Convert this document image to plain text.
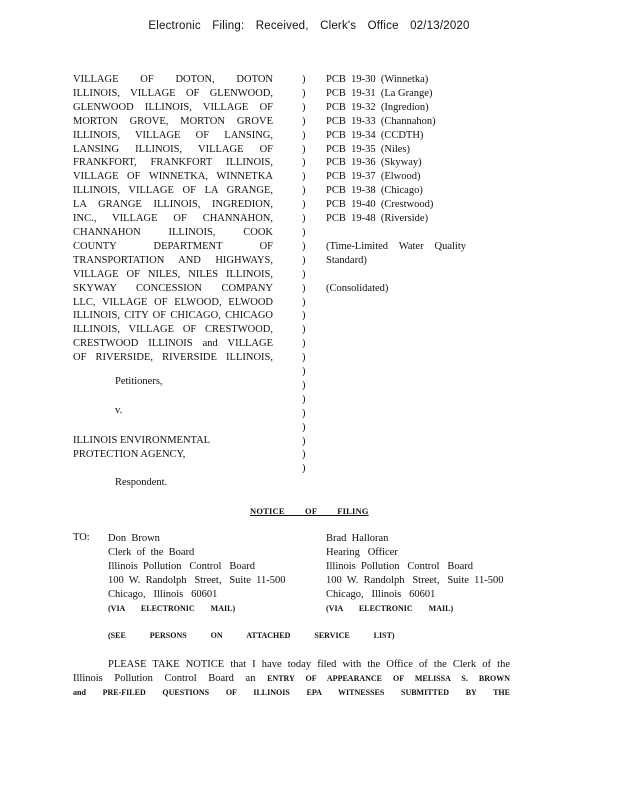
Electronic Filing: Received, Clerk's Office 02/13/2020
VILLAGE OF DOTON, DOTON
ILLINOIS, VILLAGE OF GLENWOOD,
GLENWOOD ILLINOIS, VILLAGE OF
MORTON GROVE, MORTON GROVE
ILLINOIS, VILLAGE OF LANSING,
LANSING ILLINOIS, VILLAGE OF
FRANKFORT, FRANKFORT ILLINOIS,
VILLAGE OF WINNETKA, WINNETKA
ILLINOIS, VILLAGE OF LA GRANGE,
LA GRANGE ILLINOIS, INGREDION,
INC., VILLAGE OF CHANNAHON,
CHANNAHON ILLINOIS, COOK
COUNTY DEPARTMENT OF
TRANSPORTATION AND HIGHWAYS,
VILLAGE OF NILES, NILES ILLINOIS,
SKYWAY CONCESSION COMPANY
LLC, VILLAGE OF ELWOOD, ELWOOD
ILLINOIS, CITY OF CHICAGO, CHICAGO
ILLINOIS, VILLAGE OF CRESTWOOD,
CRESTWOOD ILLINOIS and VILLAGE
OF RIVERSIDE, RIVERSIDE ILLINOIS,
)
)
)
)
)
)
)
)
)
)
)
)
)
)
)
)
)
)
)
)
)
)
)
)
)
)
)
)
)
PCB  19-30  (Winnetka)
PCB  19-31  (La Grange)
PCB  19-32  (Ingredion)
PCB  19-33  (Channahon)
PCB  19-34  (CCDTH)
PCB  19-35  (Niles)
PCB  19-36  (Skyway)
PCB  19-37  (Elwood)
PCB  19-38  (Chicago)
PCB  19-40  (Crestwood)
PCB  19-48  (Riverside)
(Time-Limited Water Quality
Standard)
(Consolidated)
Petitioners,
v.
ILLINOIS ENVIRONMENTAL
PROTECTION AGENCY,
Respondent.
NOTICE OF FILING
TO: Don  Brown
Clerk  of  the  Board
Illinois  Pollution   Control   Board
100  W.  Randolph   Street,   Suite  11-500
Chicago,   Illinois   60601
(VIA ELECTRONIC MAIL)
Brad  Halloran
Hearing   Officer
Illinois  Pollution   Control   Board
100  W.  Randolph   Street,   Suite  11-500
Chicago,   Illinois   60601
(VIA ELECTRONIC MAIL)
(SEE PERSONS ON ATTACHED SERVICE LIST)
PLEASE TAKE NOTICE that I have today filed with the Office of the Clerk of the
Illinois Pollution Control Board an ENTRY OF APPEARANCE OF MELISSA S. BROWN
and PRE-FILED QUESTIONS OF ILLINOIS EPA WITNESSES SUBMITTED BY THE
